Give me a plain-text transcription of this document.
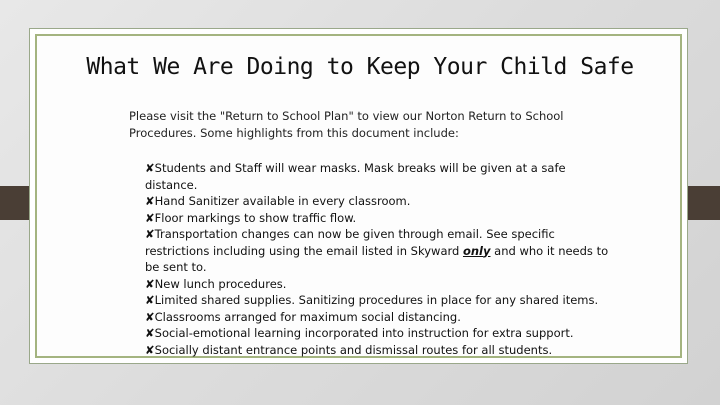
What We Are Doing to Keep Your Child Safe
Please visit the "Return to School Plan" to view our Norton Return to School Procedures. Some highlights from this document include:

✘Students and Staff will wear masks. Mask breaks will be given at a safe distance.

✘Hand Sanitizer available in every classroom.

✘Floor markings to show traffic flow.

✘Transportation changes can now be given through email. See specific restrictions including using the email listed in Skyward only and who it needs to be sent to.

✘New lunch procedures.

✘Limited shared supplies. Sanitizing procedures in place for any shared items.

✘Classrooms arranged for maximum social distancing.

✘Social-emotional learning incorporated into instruction for extra support.

✘Socially distant entrance points and dismissal routes for all students.
